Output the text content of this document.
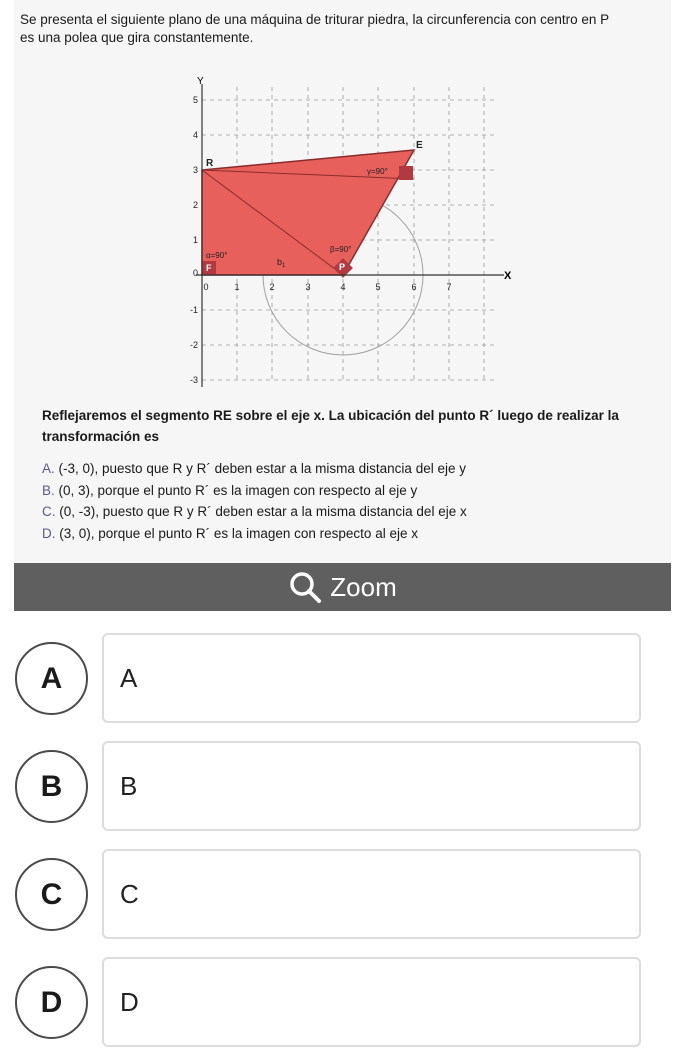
Se presenta el siguiente plano de una máquina de triturar piedra, la circunferencia con centro en P
es una polea que gira constantemente.
Y
X
5
4
3
2
1
0
-1
-2
-3
0	1	2	3	4	5	6	7
R
E
F	P
$b_1$
α=90°
β=90°
γ=90°
Reflejaremos el segmento RE sobre el eje x. La ubicación del punto R´ luego de realizar la transformación es
A. (-3, 0), puesto que R y R´ deben estar a la misma distancia del eje y
B. (0, 3), porque el punto R´ es la imagen con respecto al eje y
C. (0, -3), puesto que R y R´ deben estar a la misma distancia del eje x
D. (3, 0), porque el punto R´ es la imagen con respecto al eje x
Zoom
A	A
B	B
C	C
D	D
